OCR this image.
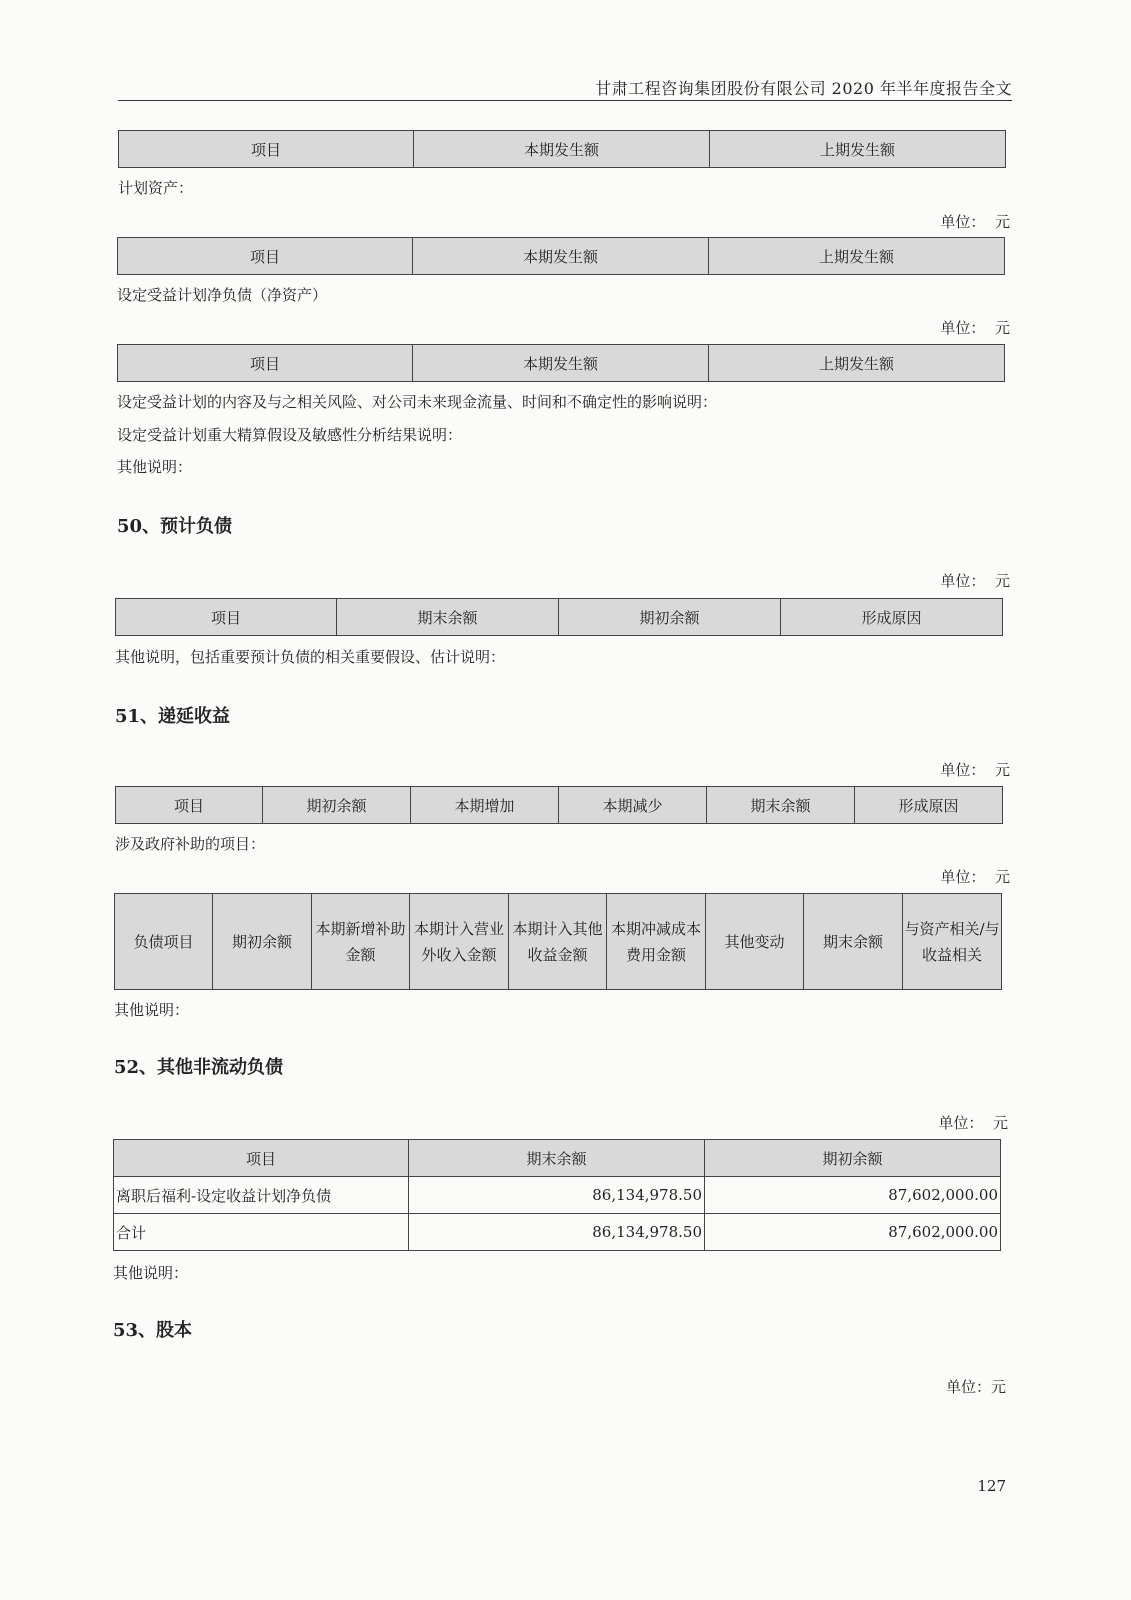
甘肃工程咨询集团股份有限公司 2020 年半年度报告全文
项目	本期发生额	上期发生额
计划资产：
单位： 元
项目	本期发生额	上期发生额
设定受益计划净负债（净资产）
单位： 元
项目	本期发生额	上期发生额
设定受益计划的内容及与之相关风险、对公司未来现金流量、时间和不确定性的影响说明：
设定受益计划重大精算假设及敏感性分析结果说明：
其他说明：
50、预计负债
单位： 元
项目	期末余额	期初余额	形成原因
其他说明，包括重要预计负债的相关重要假设、估计说明：
51、递延收益
单位： 元
项目	期初余额	本期增加	本期减少	期末余额	形成原因
涉及政府补助的项目：
单位： 元
负债项目	期初余额	本期新增补助金额	本期计入营业外收入金额	本期计入其他收益金额	本期冲减成本费用金额	其他变动	期末余额	与资产相关/与收益相关
其他说明：
52、其他非流动负债
单位： 元
项目	期末余额	期初余额
离职后福利-设定收益计划净负债	86,134,978.50	87,602,000.00
合计	86,134,978.50	87,602,000.00
其他说明：
53、股本
单位：元
127
